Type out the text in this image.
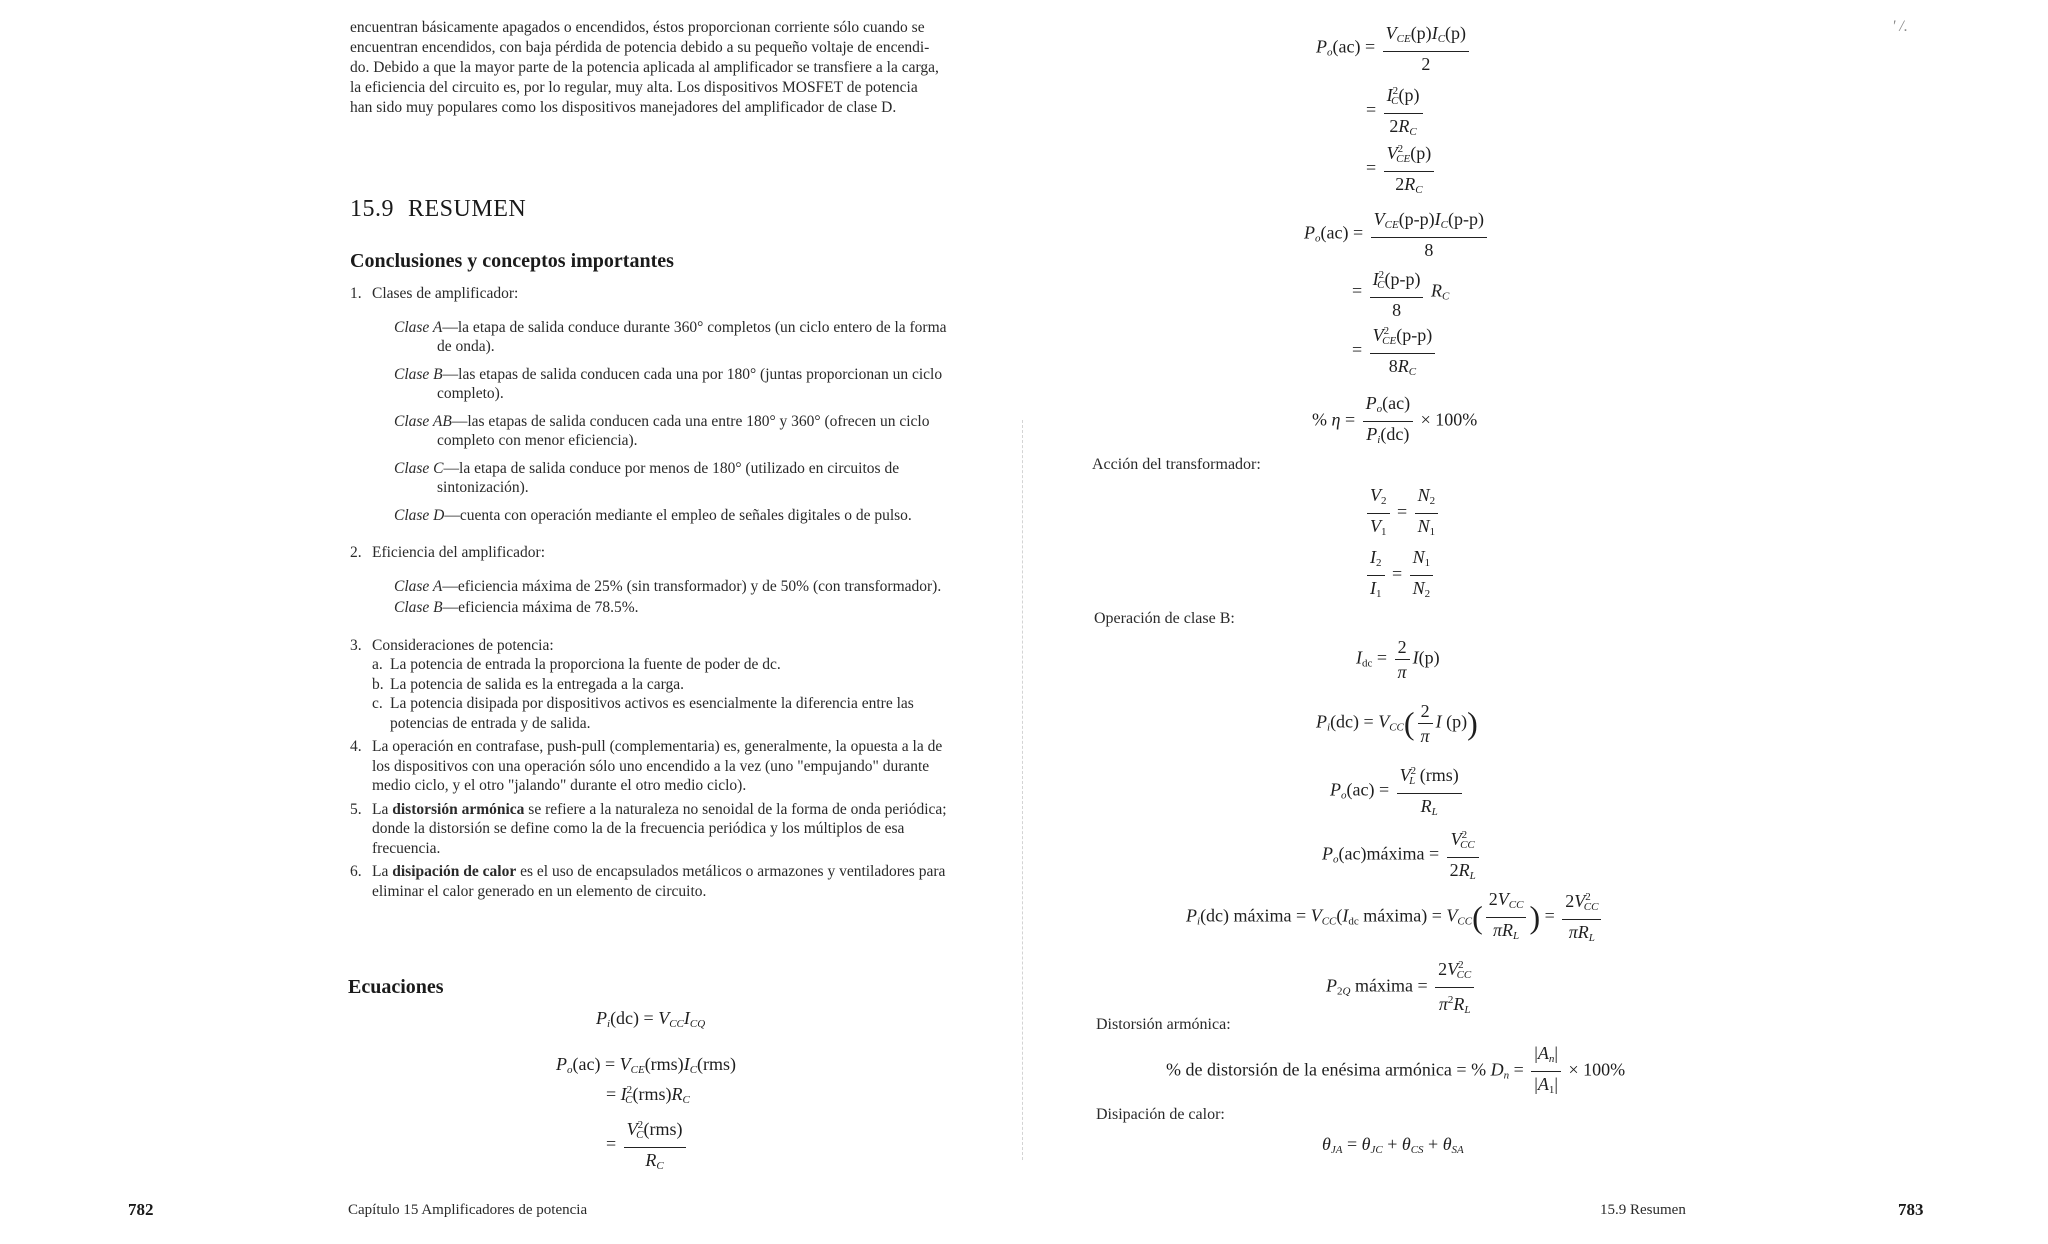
encuentran básicamente apagados o encendidos, éstos proporcionan corriente sólo cuando se
encuentran encendidos, con baja pérdida de potencia debido a su pequeño voltaje de encendi-
do. Debido a que la mayor parte de la potencia aplicada al amplificador se transfiere a la carga,
la eficiencia del circuito es, por lo regular, muy alta. Los dispositivos MOSFET de potencia
han sido muy populares como los dispositivos manejadores del amplificador de clase D.
15.9 RESUMEN
Conclusiones y conceptos importantes
1. Clases de amplificador:
Clase A—la etapa de salida conduce durante 360° completos (un ciclo entero de la forma de onda).
Clase B—las etapas de salida conducen cada una por 180° (juntas proporcionan un ciclo completo).
Clase AB—las etapas de salida conducen cada una entre 180° y 360° (ofrecen un ciclo completo con menor eficiencia).
Clase C—la etapa de salida conduce por menos de 180° (utilizado en circuitos de sintonización).
Clase D—cuenta con operación mediante el empleo de señales digitales o de pulso.
2. Eficiencia del amplificador:
Clase A—eficiencia máxima de 25% (sin transformador) y de 50% (con transformador).
Clase B—eficiencia máxima de 78.5%.
3. Consideraciones de potencia:
a. La potencia de entrada la proporciona la fuente de poder de dc.
b. La potencia de salida es la entregada a la carga.
c. La potencia disipada por dispositivos activos es esencialmente la diferencia entre las potencias de entrada y de salida.
4. La operación en contrafase, push-pull (complementaria) es, generalmente, la opuesta a la de los dispositivos con una operación sólo uno encendido a la vez (uno "empujando" durante medio ciclo, y el otro "jalando" durante el otro medio ciclo).
5. La distorsión armónica se refiere a la naturaleza no senoidal de la forma de onda periódica; donde la distorsión se define como la de la frecuencia periódica y los múltiplos de esa frecuencia.
6. La disipación de calor es el uso de encapsulados metálicos o armazones y ventiladores para eliminar el calor generado en un elemento de circuito.
Ecuaciones
$P_i(dc) = V_{CC}I_{CQ}$
$P_o(ac) = V_{CE}(rms)I_C(rms)$
= $I^2_C(rms)R_C$
= $\frac{V^2_C(rms)}{R_C}$
782	Capítulo 15 Amplificadores de potencia
$P_o(ac) = \frac{V_{CE}(p)I_C(p)}{2}$
= $\frac{I^2_C(p)}{2R_C}$
= $\frac{V^2_{CE}(p)}{2R_C}$
$P_o(ac) = \frac{V_{CE}(p-p)I_C(p-p)}{8}$
= $\frac{I^2_C(p-p)}{8} R_C$
= $\frac{V^2_{CE}(p-p)}{8R_C}$
% $\eta = \frac{P_o(ac)}{P_i(dc)} \times 100\%$
Acción del transformador:
$\frac{V_2}{V_1} = \frac{N_2}{N_1}$
$\frac{I_2}{I_1} = \frac{N_1}{N_2}$
Operación de clase B:
$I_{dc} = \frac{2}{\pi} I(p)$
$P_i(dc) = V_{CC}( \frac{2}{\pi}$ I (p))
$P_o(ac) = \frac{V^2_L (rms)}{R_L}$
$P_o(ac)máxima = \frac{V^2_{CC}}{2R_L}$
$P_i(dc)$ máxima = $V_{CC}(I_{dc}$ máxima) = $V_{CC}( \frac{2V_{CC}}{\pi R_L}$ ) = $\frac{2V^2_{CC}}{\pi R_L}$
$P_{2Q}$ máxima = $\frac{2V^2_{CC}}{\pi^2R_L}$
Distorsión armónica:
% de distorsión de la enésima armónica = % $D_n = \frac{|A_n|}{|A_1|} \times 100\%$
Disipación de calor:
$\theta_{JA} = \theta_{JC} + \theta_{CS} + \theta_{SA}$
15.9 Resumen	783
' /.
